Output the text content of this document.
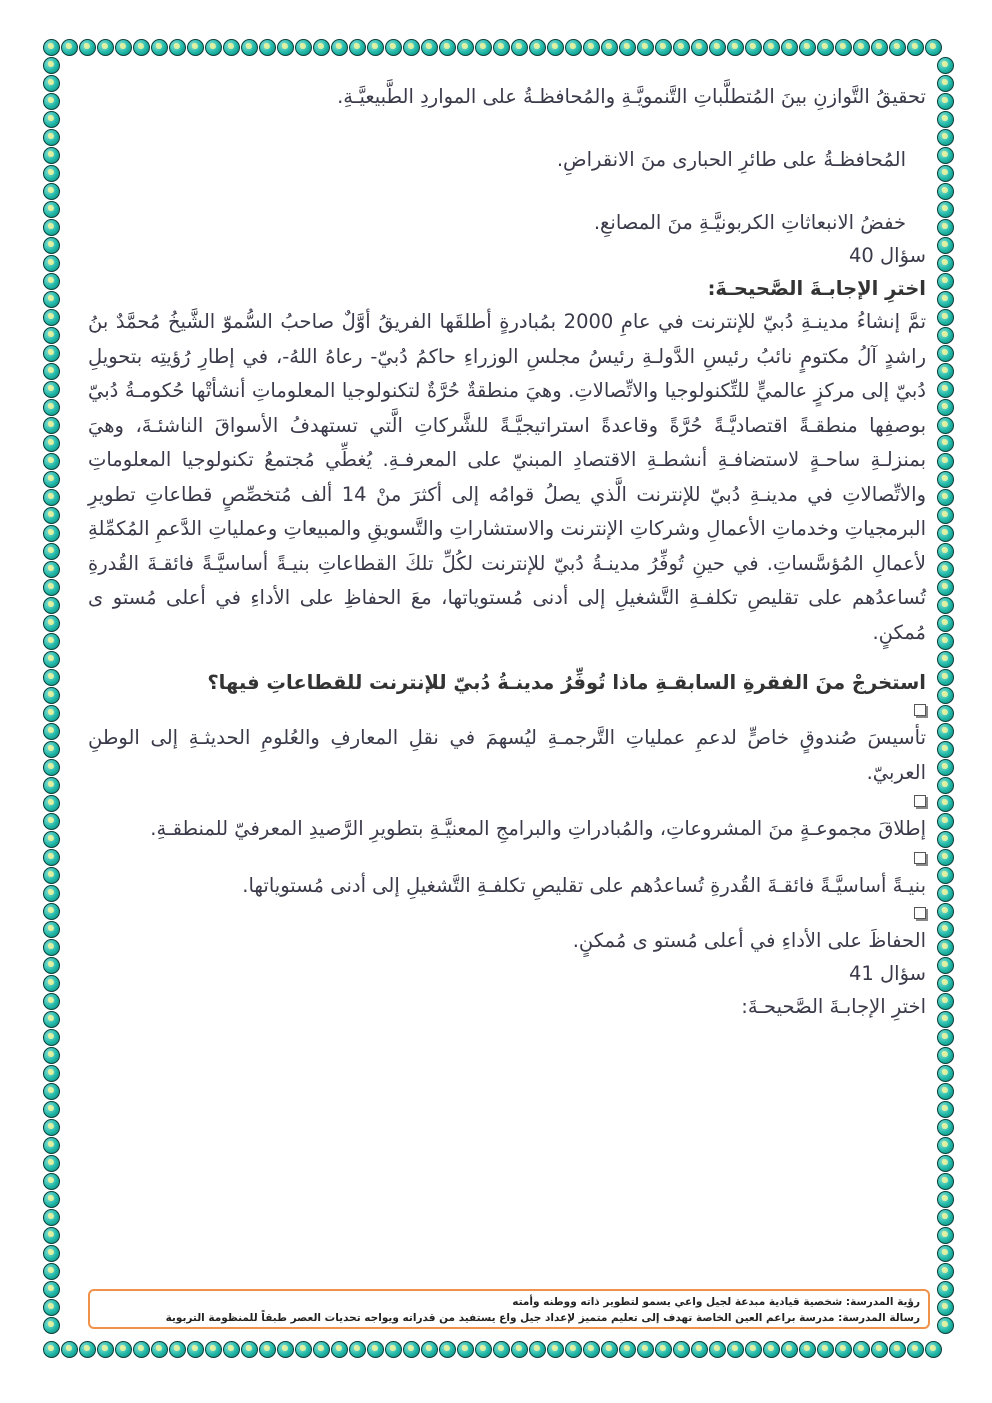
تحقيقُ التَّوازنِ بينَ المُتطلَّباتِ التَّنمويَّـةِ والمُحافظـةُ على المواردِ الطَّبيعيَّـةِ.
المُحافظـةُ على طائرِ الحبارى منَ الانقراضِ.
خفضُ الانبعاثاتِ الكربونيَّـةِ منَ المصانعِ.
سؤال 40
اخترِ الإجابـةَ الصَّحيحـةَ:
تمَّ إنشاءُ مدينـةِ دُبيّ للإنترنت في عامِ 2000 بمُبادرةٍ أطلقَها الفريقُ أوَّلٌ صاحبُ السُّموّ الشَّيخُ مُحمَّدٌ بنُ راشدٍ آلُ مكتومٍ نائبُ رئيسِ الدَّولـةِ رئيسُ مجلسِ الوزراءِ حاكمُ دُبيّ- رعاهُ اللهُ-، في إطارِ رُؤيتِه بتحويلِ دُبيّ إلى مركزٍ عالميٍّ للتِّكنولوجيا والاتِّصالاتِ. وهيَ منطقةٌ حُرَّةٌ لتكنولوجيا المعلوماتِ أنشأتْها حُكومـةُ دُبيّ بوصفِها منطقـةً اقتصاديَّـةً حُرَّةً وقاعدةً استراتيجيَّـةً للشَّركاتِ الَّتي تستهدفُ الأسواقَ الناشئـةَ، وهيَ بمنزلـةِ ساحـةٍ لاستضافـةِ أنشطـةِ الاقتصادِ المبنيّ على المعرفـةِ. يُغطِّي مُجتمعُ تكنولوجيا المعلوماتِ والاتِّصالاتِ في مدينـةِ دُبيّ للإنترنت الَّذي يصلُ قوامُه إلى أكثرَ منْ 14 ألف مُتخصِّصٍ قطاعاتِ تطويرِ البرمجياتِ وخدماتِ الأعمالِ وشركاتِ الإنترنت والاستشاراتِ والتَّسويقِ والمبيعاتِ وعملياتِ الدَّعمِ المُكمِّلةِ لأعمالِ المُؤسَّساتِ. في حينِ تُوفِّرُ مدينـةُ دُبيّ للإنترنت لكُلِّ تلكَ القطاعاتِ بنيـةً أساسيَّـةً فائقـةَ القُدرةِ تُساعدُهم على تقليصِ تكلفـةِ التَّشغيلِ إلى أدنى مُستوياتها، معَ الحفاظِ على الأداءِ في أعلى مُستو ى مُمكنٍ.
استخرجْ منَ الفقرةِ السابقـةِ ماذا تُوفِّرُ مدينـةُ دُبيّ للإنترنت للقطاعاتِ فيها؟
تأسيسَ صُندوقٍ خاصٍّ لدعمِ عملياتِ التَّرجمـةِ ليُسهمَ في نقلِ المعارفِ والعُلومِ الحديثـةِ إلى الوطنِ العربيّ.
إطلاقَ مجموعـةٍ منَ المشروعاتِ، والمُبادراتِ والبرامجِ المعنيَّـةِ بتطويرِ الرَّصيدِ المعرفيّ للمنطقـةِ.
بنيـةً أساسيَّـةً فائقـةَ القُدرةِ تُساعدُهم على تقليصِ تكلفـةِ التَّشغيلِ إلى أدنى مُستوياتها.
الحفاظَ على الأداءِ في أعلى مُستو ى مُمكنٍ.
سؤال 41
اخترِ الإجابـةَ الصَّحيحـةَ:
رؤية المدرسة: شخصية قيادية مبدعة لجيل واعي يسمو لتطوير ذاته ووطنه وأمته
رسالة المدرسة: مدرسة براعم العين الخاصة تهدف إلى تعليم متميز لإعداد جيل واع يستفيد من قدراته ويواجه تحديات العصر طبقاً للمنظومة التربوية
